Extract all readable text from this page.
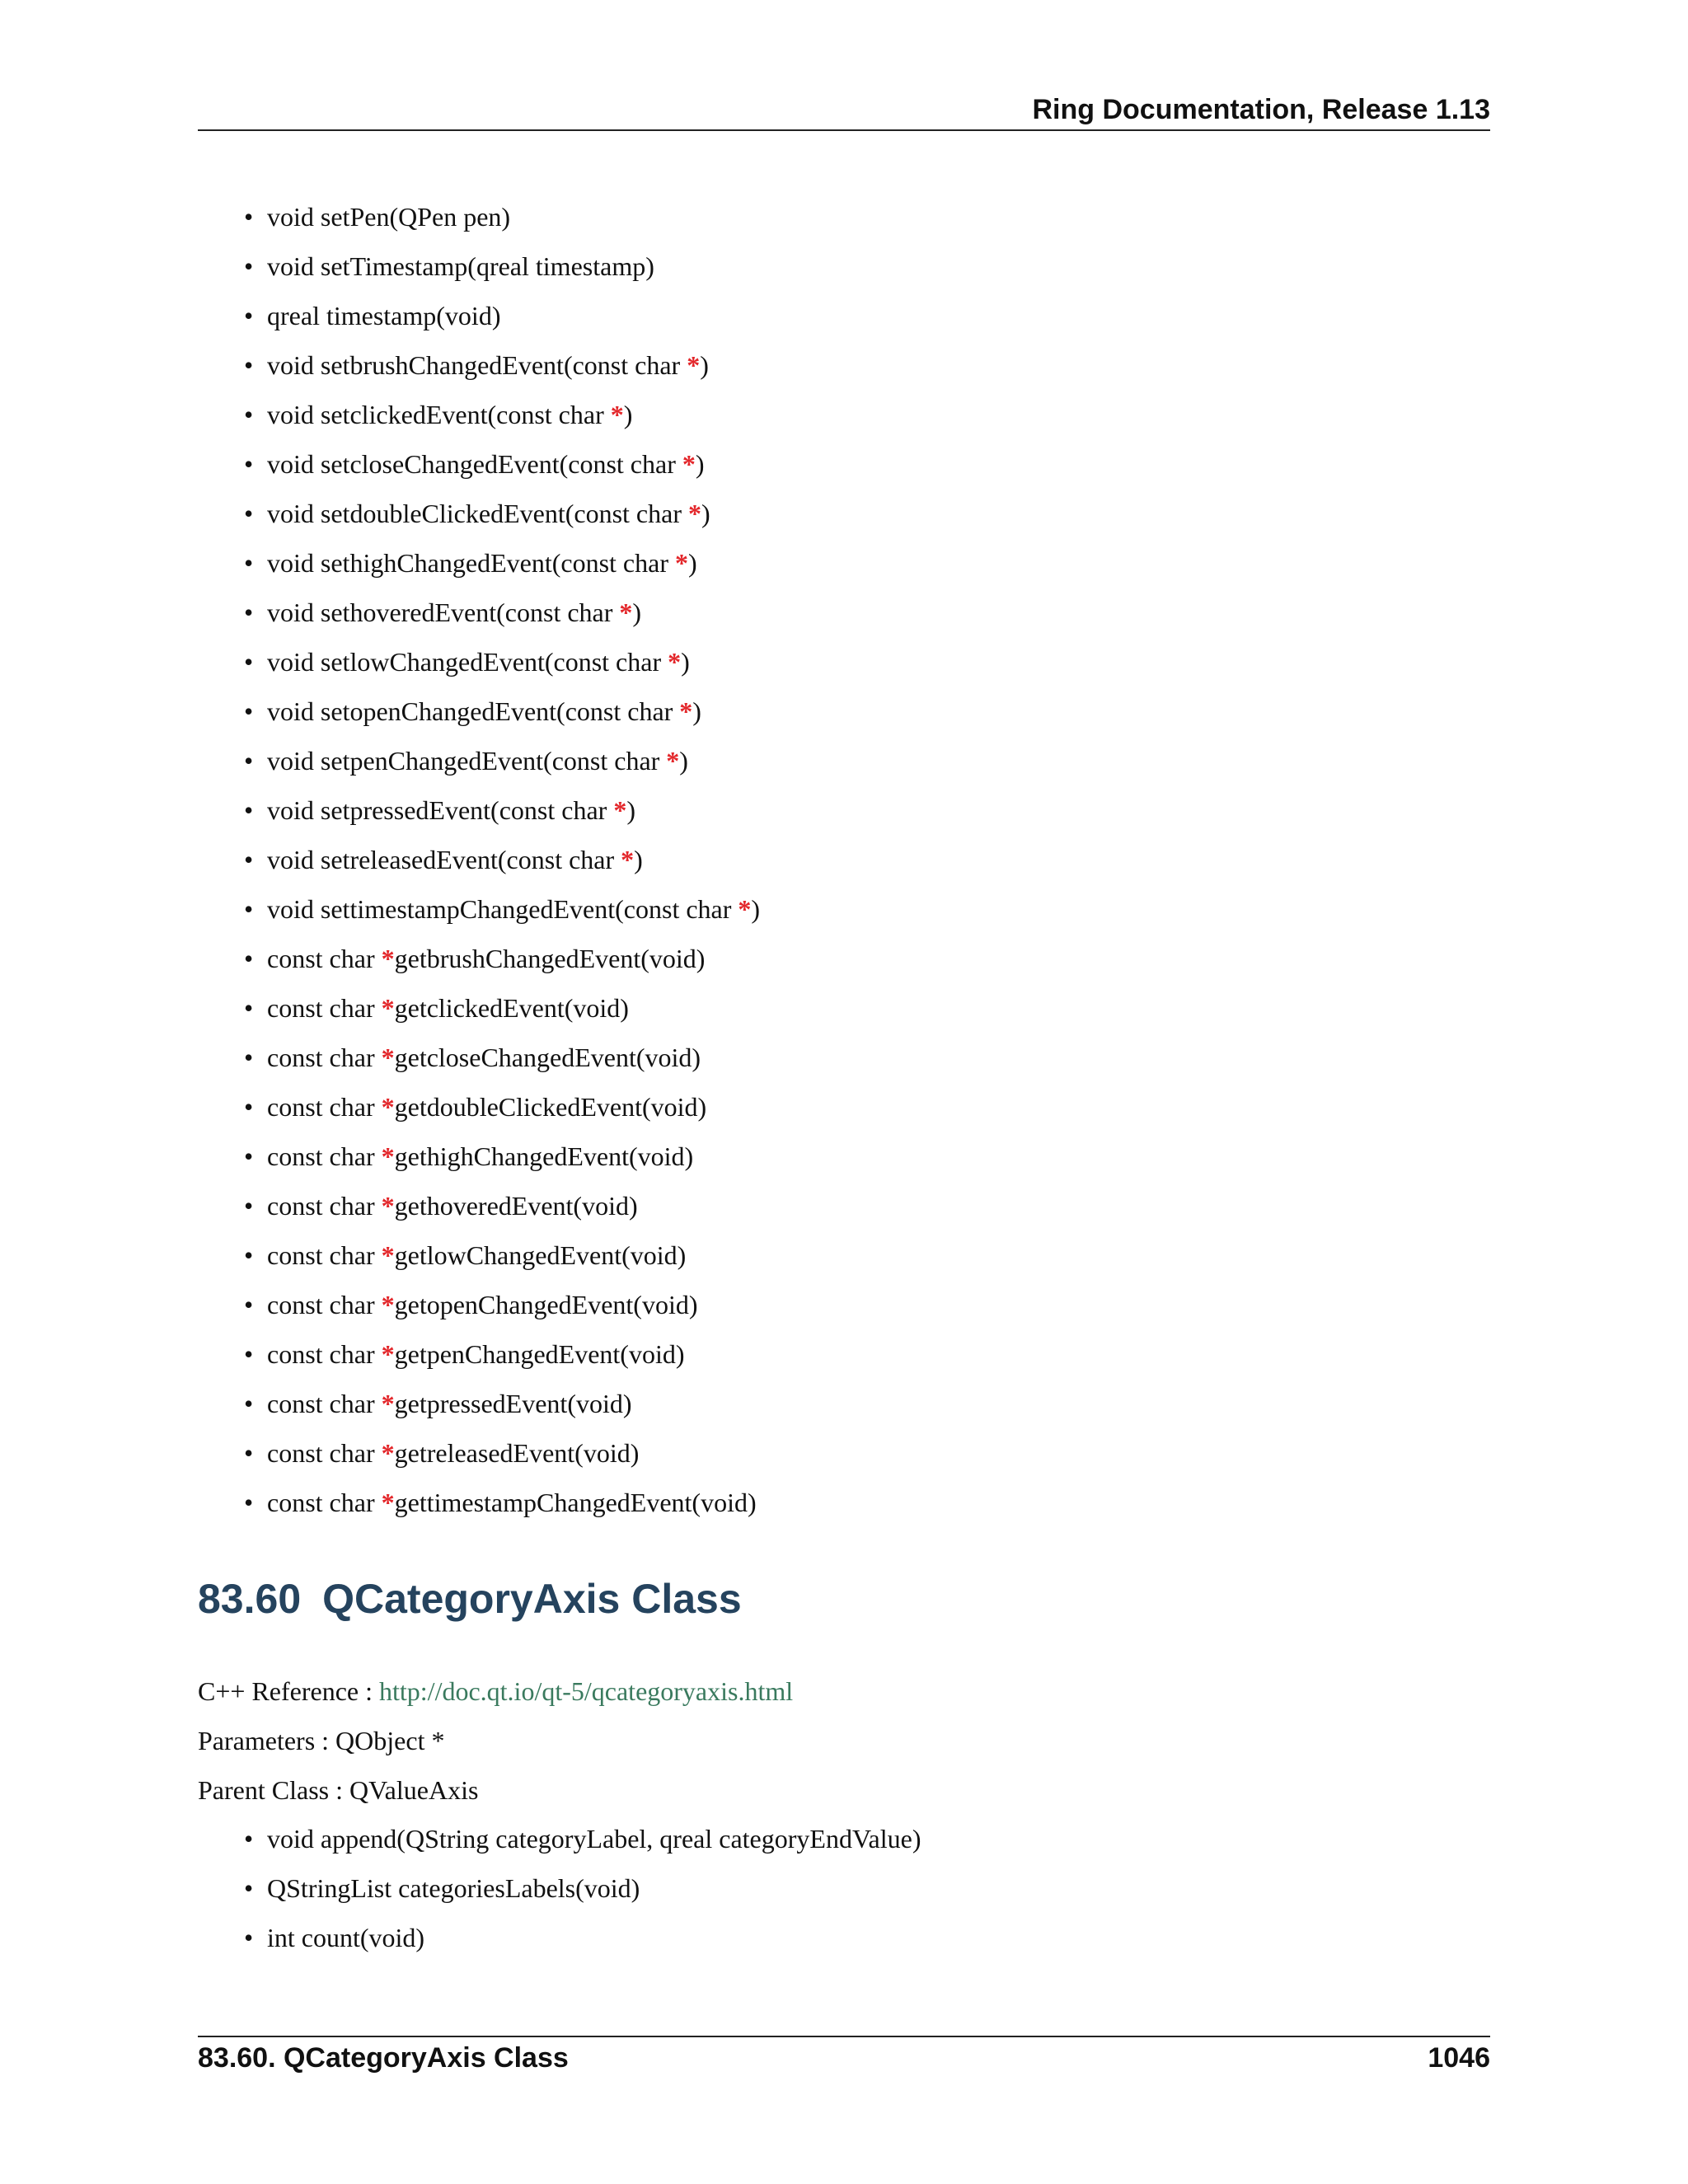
Ring Documentation, Release 1.13
• void setPen(QPen pen)
• void setTimestamp(qreal timestamp)
• qreal timestamp(void)
• void setbrushChangedEvent(const char *)
• void setclickedEvent(const char *)
• void setcloseChangedEvent(const char *)
• void setdoubleClickedEvent(const char *)
• void sethighChangedEvent(const char *)
• void sethoveredEvent(const char *)
• void setlowChangedEvent(const char *)
• void setopenChangedEvent(const char *)
• void setpenChangedEvent(const char *)
• void setpressedEvent(const char *)
• void setreleasedEvent(const char *)
• void settimestampChangedEvent(const char *)
• const char *getbrushChangedEvent(void)
• const char *getclickedEvent(void)
• const char *getcloseChangedEvent(void)
• const char *getdoubleClickedEvent(void)
• const char *gethighChangedEvent(void)
• const char *gethoveredEvent(void)
• const char *getlowChangedEvent(void)
• const char *getopenChangedEvent(void)
• const char *getpenChangedEvent(void)
• const char *getpressedEvent(void)
• const char *getreleasedEvent(void)
• const char *gettimestampChangedEvent(void)
83.60 QCategoryAxis Class
C++ Reference : http://doc.qt.io/qt-5/qcategoryaxis.html
Parameters : QObject *
Parent Class : QValueAxis
• void append(QString categoryLabel, qreal categoryEndValue)
• QStringList categoriesLabels(void)
• int count(void)
83.60. QCategoryAxis Class	1046
